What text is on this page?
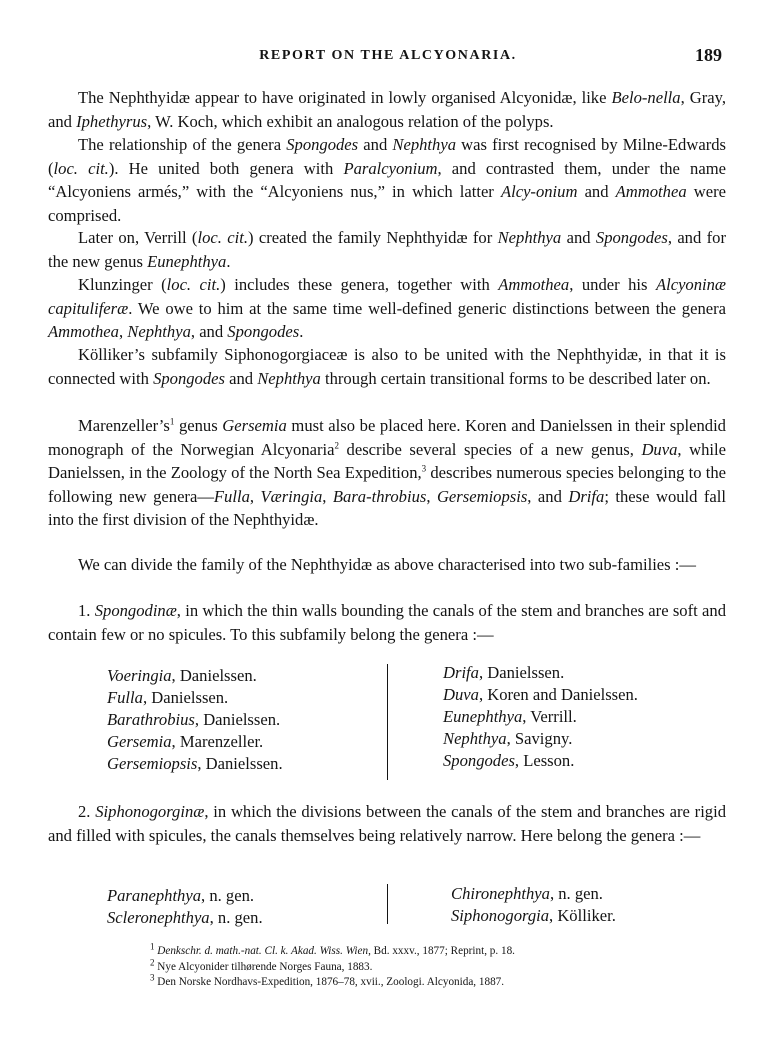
REPORT ON THE ALCYONARIA.	189

The Nephthyidæ appear to have originated in lowly organised Alcyonidæ, like Belo-nella, Gray, and Iphethyrus, W. Koch, which exhibit an analogous relation of the polyps.

The relationship of the genera Spongodes and Nephthya was first recognised by Milne-Edwards (loc. cit.). He united both genera with Paralcyonium, and contrasted them, under the name “Alcyoniens armés,” with the “Alcyoniens nus,” in which latter Alcy-onium and Ammothea were comprised.

Later on, Verrill (loc. cit.) created the family Nephthyidæ for Nephthya and Spongodes, and for the new genus Eunephthya.

Klunzinger (loc. cit.) includes these genera, together with Ammothea, under his Alcyoninæ capituliferæ. We owe to him at the same time well-defined generic distinctions between the genera Ammothea, Nephthya, and Spongodes.

Kölliker’s subfamily Siphonogorgiaceæ is also to be united with the Nephthyidæ, in that it is connected with Spongodes and Nephthya through certain transitional forms to be described later on.

$Marenzeller’s^1$ genus Gersemia must also be placed here. Koren and Danielssen in their splendid monograph of the Norwegian Alcyonaria$^2$ describe several species of a new genus, Duva, while Danielssen, in the Zoology of the North Sea Expedition,$^3$ describes numerous species belonging to the following new genera—Fulla, Væringia, Bara-throbius, Gersemiopsis, and Drifa; these would fall into the first division of the Nephthyidæ.

We can divide the family of the Nephthyidæ as above characterised into two sub-families :—

1. Spongodinæ, in which the thin walls bounding the canals of the stem and branches are soft and contain few or no spicules. To this subfamily belong the genera :—

Voeringia, Danielssen.
Fulla, Danielssen.
Barathrobius, Danielssen.
Gersemia, Marenzeller.
Gersemiopsis, Danielssen.
Drifa, Danielssen.
Duva, Koren and Danielssen.
Eunephthya, Verrill.
Nephthya, Savigny.
Spongodes, Lesson.

2. Siphonogorginæ, in which the divisions between the canals of the stem and branches are rigid and filled with spicules, the canals themselves being relatively narrow. Here belong the genera :—

Paranephthya, n. gen.
Scleronephthya, n. gen.
Chironephthya, n. gen.
Siphonogorgia, Kölliker.
$^1$ Denkschr. d. math.-nat. Cl. k. Akad. Wiss. Wien, Bd. xxxv., 1877; Reprint, p. 18.
$^2$ Nye Alcyonider tilhørende Norges Fauna, 1883.
$^3$ Den Norske Nordhavs-Expedition, 1876–78, xvii., Zoologi. Alcyonida, 1887.
